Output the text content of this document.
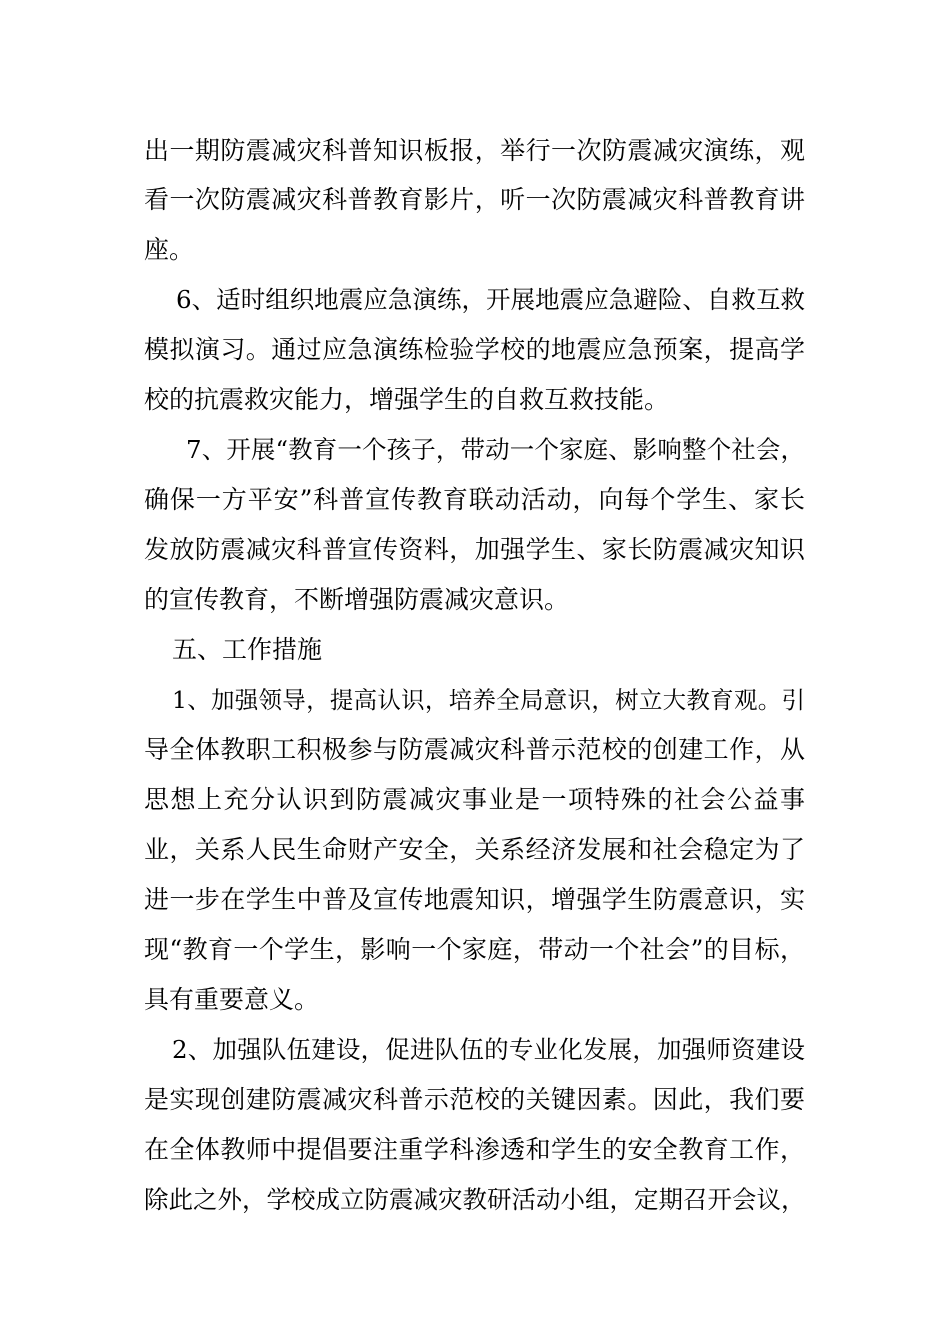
出一期防震减灾科普知识板报，举行一次防震减灾演练，观
看一次防震减灾科普教育影片，听一次防震减灾科普教育讲
座。
6、适时组织地震应急演练，开展地震应急避险、自救互救
模拟演习。通过应急演练检验学校的地震应急预案，提高学
校的抗震救灾能力，增强学生的自救互救技能。
7、开展“教育一个孩子，带动一个家庭、影响整个社会，
确保一方平安”科普宣传教育联动活动，向每个学生、家长
发放防震减灾科普宣传资料，加强学生、家长防震减灾知识
的宣传教育，不断增强防震减灾意识。
五、工作措施
1、加强领导，提高认识，培养全局意识，树立大教育观。引
导全体教职工积极参与防震减灾科普示范校的创建工作，从
思想上充分认识到防震减灾事业是一项特殊的社会公益事
业，关系人民生命财产安全，关系经济发展和社会稳定为了
进一步在学生中普及宣传地震知识，增强学生防震意识，实
现“教育一个学生，影响一个家庭，带动一个社会”的目标，
具有重要意义。
2、加强队伍建设，促进队伍的专业化发展，加强师资建设
是实现创建防震减灾科普示范校的关键因素。因此，我们要
在全体教师中提倡要注重学科渗透和学生的安全教育工作，
除此之外，学校成立防震减灾教研活动小组，定期召开会议，
